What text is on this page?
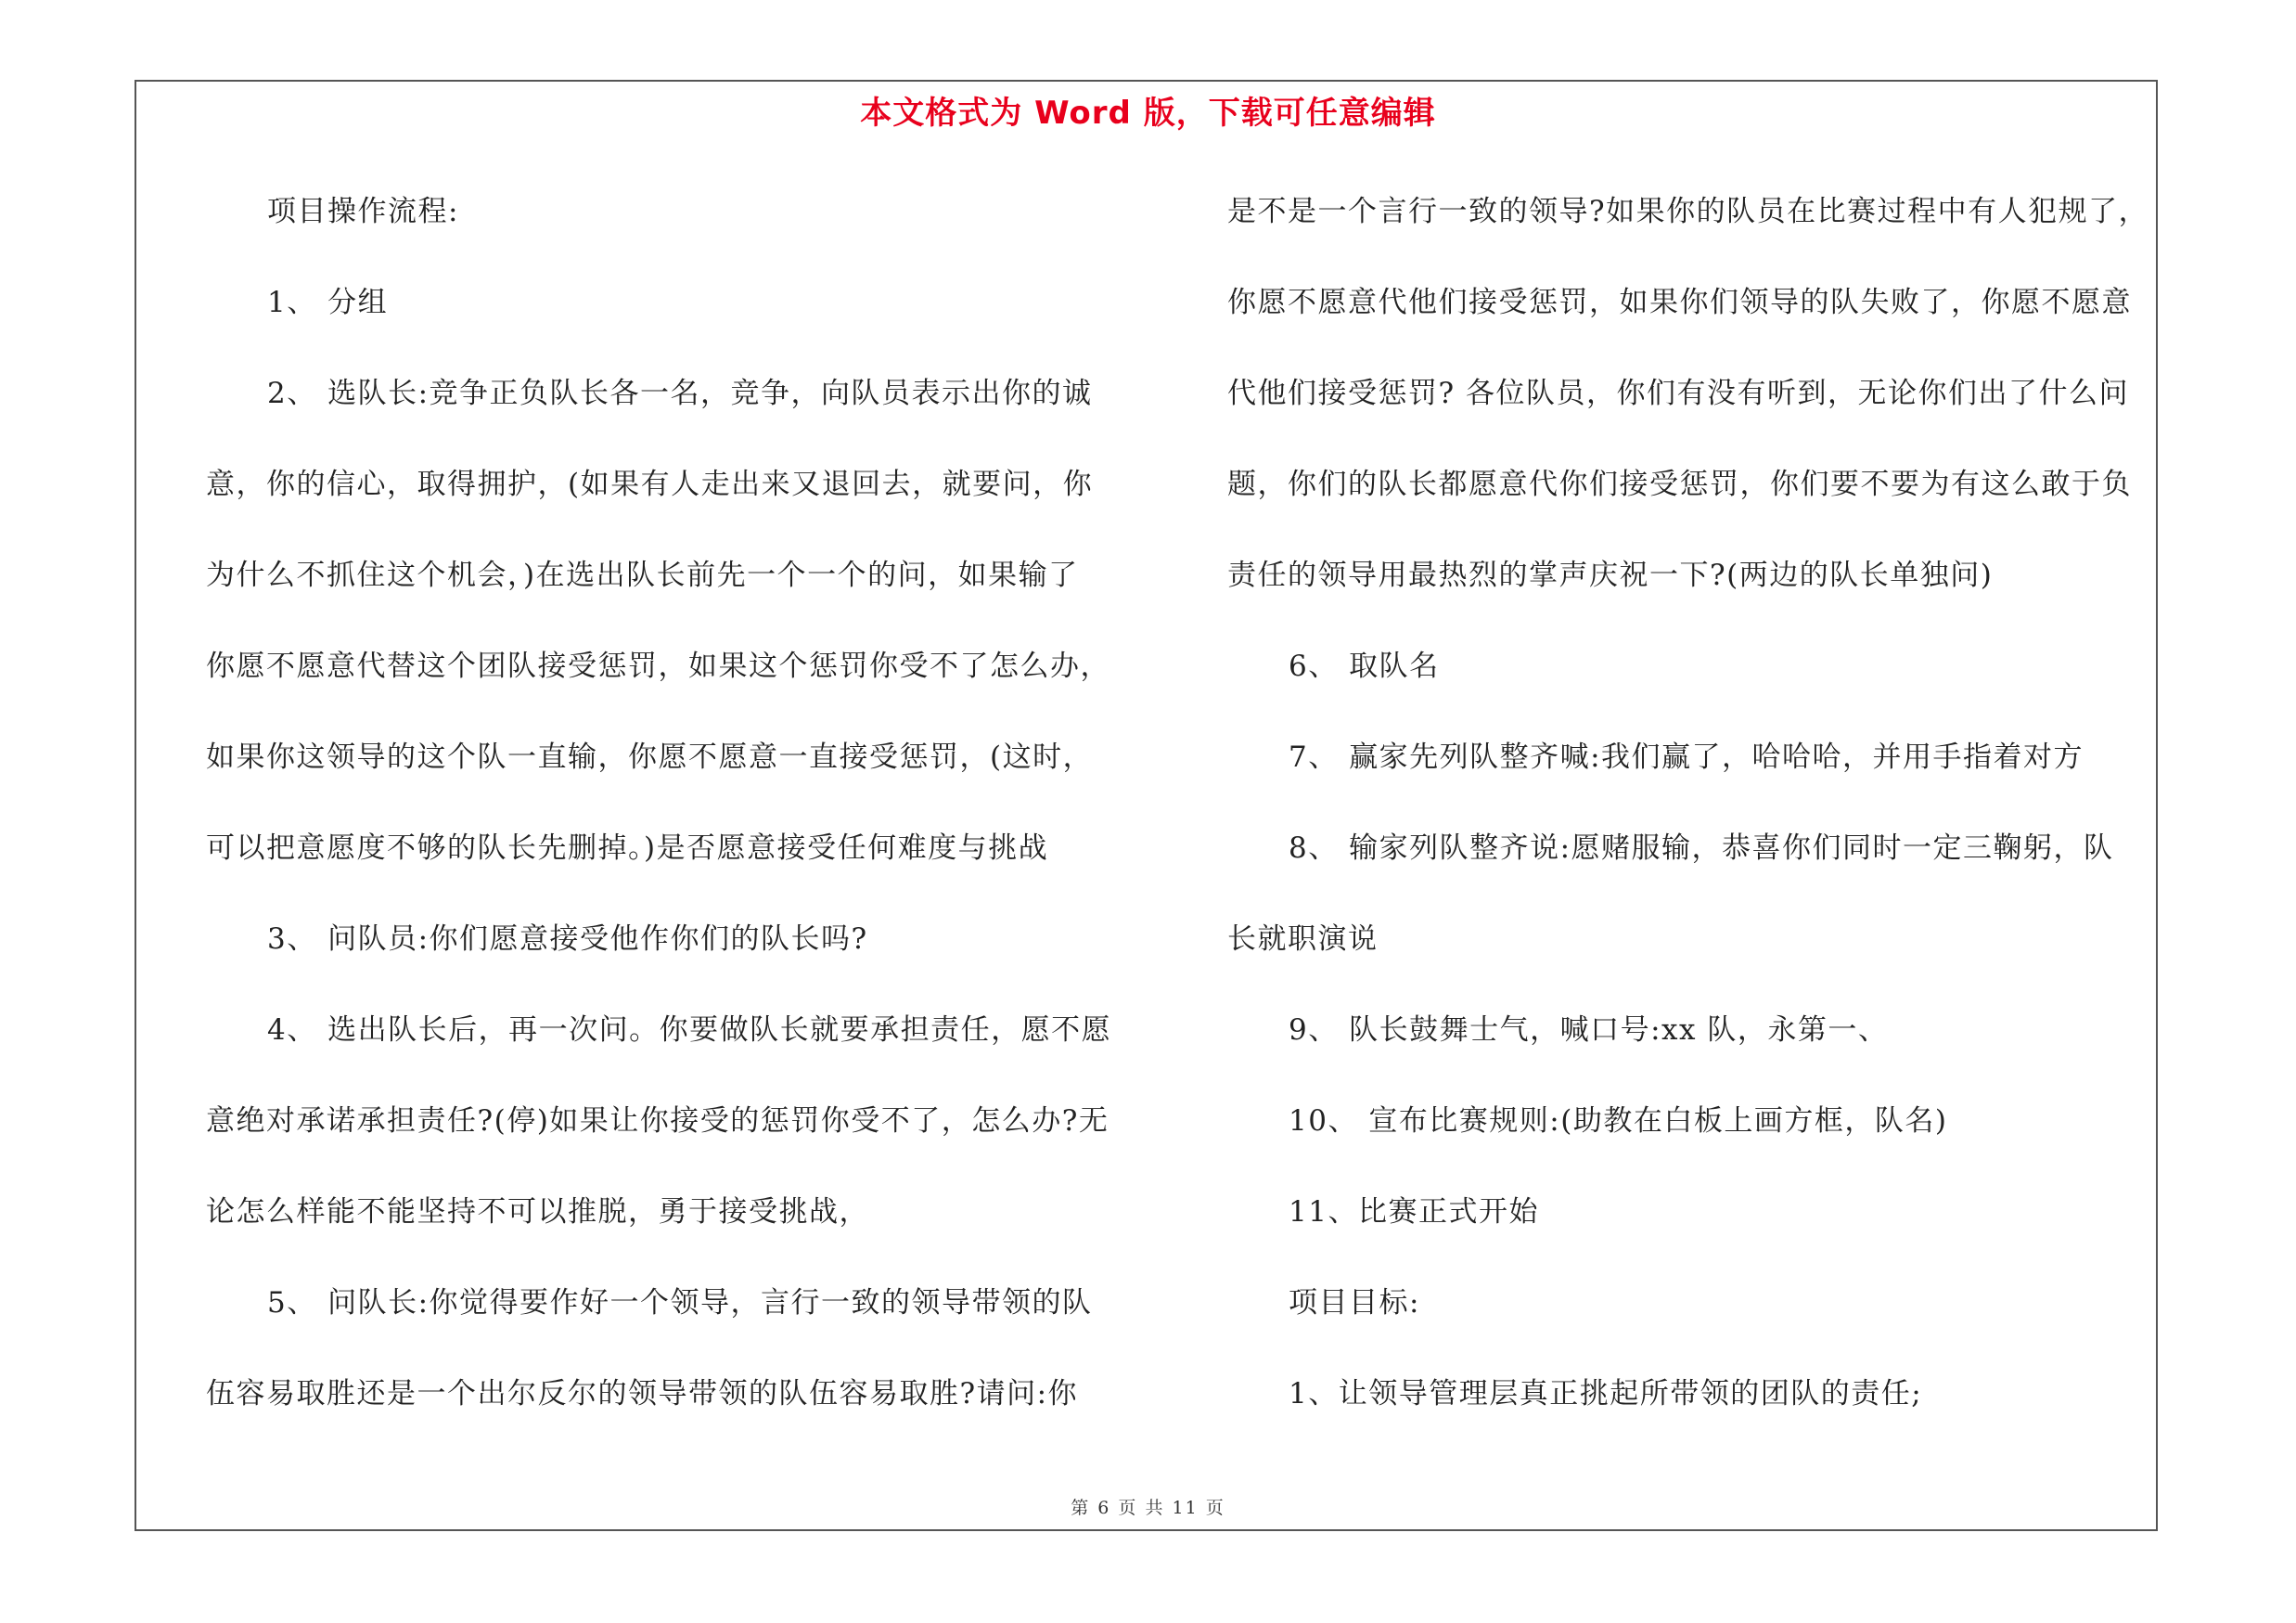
本文格式为 Word 版，下载可任意编辑
项目操作流程:
1、 分组
2、 选队长:竞争正负队长各一名，竞争，向队员表示出你的诚
意，你的信心，取得拥护，(如果有人走出来又退回去，就要问，你
为什么不抓住这个机会，)在选出队长前先一个一个的问，如果输了
你愿不愿意代替这个团队接受惩罚，如果这个惩罚你受不了怎么办，
如果你这领导的这个队一直输，你愿不愿意一直接受惩罚，(这时，
可以把意愿度不够的队长先删掉。)是否愿意接受任何难度与挑战
3、 问队员:你们愿意接受他作你们的队长吗?
4、 选出队长后，再一次问。你要做队长就要承担责任，愿不愿
意绝对承诺承担责任?(停)如果让你接受的惩罚你受不了，怎么办?无
论怎么样能不能坚持不可以推脱，勇于接受挑战，
5、 问队长:你觉得要作好一个领导，言行一致的领导带领的队
伍容易取胜还是一个出尔反尔的领导带领的队伍容易取胜?请问:你
是不是一个言行一致的领导?如果你的队员在比赛过程中有人犯规了，
你愿不愿意代他们接受惩罚，如果你们领导的队失败了，你愿不愿意
代他们接受惩罚? 各位队员，你们有没有听到，无论你们出了什么问
题，你们的队长都愿意代你们接受惩罚，你们要不要为有这么敢于负
责任的领导用最热烈的掌声庆祝一下?(两边的队长单独问)
6、 取队名
7、 赢家先列队整齐喊:我们赢了，哈哈哈，并用手指着对方
8、 输家列队整齐说:愿赌服输，恭喜你们同时一定三鞠躬，队
长就职演说
9、 队长鼓舞士气，喊口号:xx 队，永第一、
10、 宣布比赛规则:(助教在白板上画方框，队名)
11、比赛正式开始
项目目标:
1、让领导管理层真正挑起所带领的团队的责任;
第 6 页 共 11 页
